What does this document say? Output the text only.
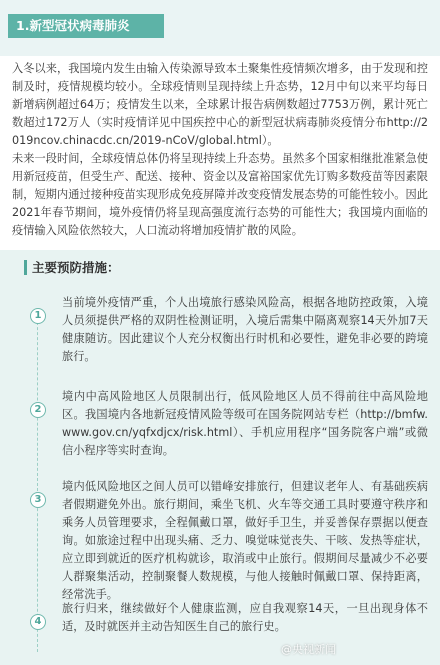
1.新型冠状病毒肺炎

入冬以来，我国境内发生由输入传染源导致本土聚集性疫情频次增多，由于发现和控制及时，疫情规模均较小。全球疫情则呈现持续上升态势，12月中旬以来平均每日新增病例超过64万；疫情发生以来，全球累计报告病例数超过7753万例，累计死亡数超过172万人（实时疫情详见中国疾控中心的新型冠状病毒肺炎疫情分布http://2019ncov.chinacdc.cn/2019-nCoV/global.html）。

未来一段时间，全球疫情总体仍将呈现持续上升态势。虽然多个国家相继批准紧急使用新冠疫苗，但受生产、配送、接种、资金以及富裕国家优先订购多数疫苗等因素限制，短期内通过接种疫苗实现形成免疫屏障并改变疫情发展态势的可能性较小。因此2021年春节期间，境外疫情仍将呈现高强度流行态势的可能性大；我国境内面临的疫情输入风险依然较大，人口流动将增加疫情扩散的风险。

主要预防措施：
1

当前境外疫情严重，个人出境旅行感染风险高，根据各地防控政策，入境人员须提供严格的双阴性检测证明，入境后需集中隔离观察14天外加7天健康随访。因此建议个人充分权衡出行时机和必要性，避免非必要的跨境旅行。

2

境内中高风险地区人员限制出行，低风险地区人员不得前往中高风险地区。我国境内各地新冠疫情风险等级可在国务院网站专栏（http://bmfw.www.gov.cn/yqfxdjcx/risk.html）、手机应用程序“国务院客户端”或微信小程序等实时查询。

3

境内低风险地区之间人员可以错峰安排旅行，但建议老年人、有基础疾病者假期避免外出。旅行期间，乘坐飞机、火车等交通工具时要遵守秩序和乘务人员管理要求，全程佩戴口罩，做好手卫生，并妥善保存票据以便查询。如旅途过程中出现头痛、乏力、嗅觉味觉丧失、干咳、发热等症状，应立即到就近的医疗机构就诊，取消或中止旅行。假期间尽量减少不必要人群聚集活动，控制聚餐人数规模，与他人接触时佩戴口罩、保持距离，经常洗手。

4

旅行归来，继续做好个人健康监测，应自我观察14天，一旦出现身体不适，及时就医并主动告知医生自己的旅行史。

@央视新闻
